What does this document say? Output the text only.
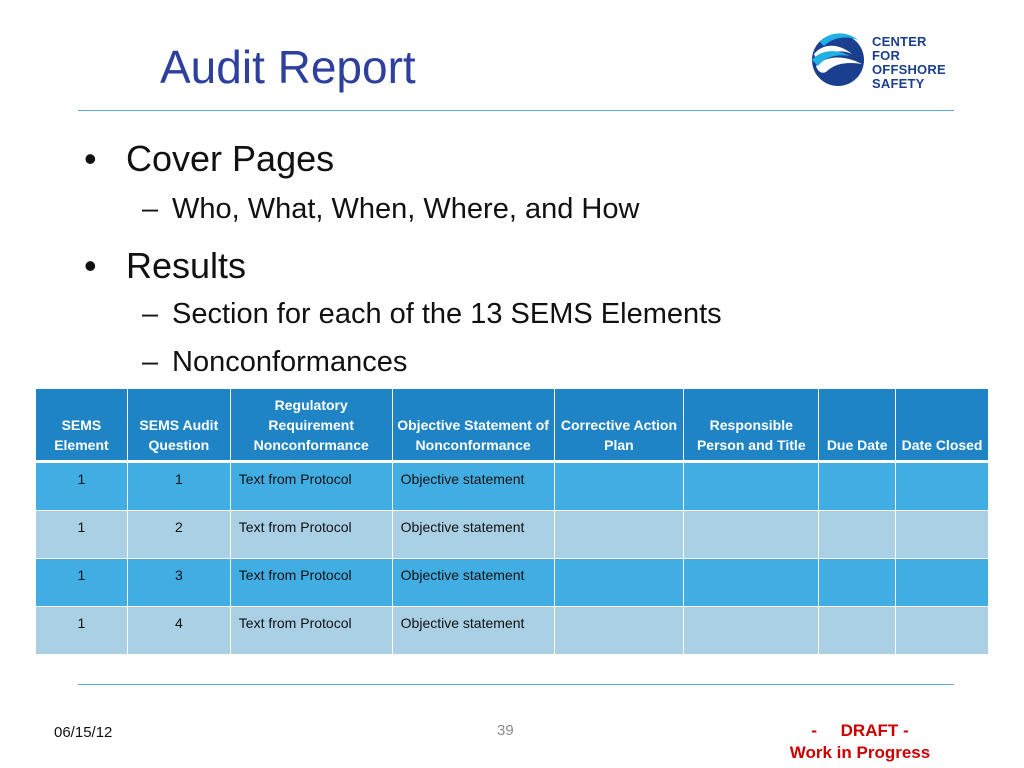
Audit Report	CENTER FOR OFFSHORE SAFETY
• Cover Pages
– Who, What, When, Where, and How
• Results
– Section for each of the 13 SEMS Elements
– Nonconformances
SEMS Element	SEMS Audit Question	Regulatory Requirement Nonconformance	Objective Statement of Nonconformance	Corrective Action Plan	Responsible Person and Title	Due Date	Date Closed
1	1	Text from Protocol	Objective statement				
1	2	Text from Protocol	Objective statement				
1	3	Text from Protocol	Objective statement				
1	4	Text from Protocol	Objective statement				
06/15/12	39	-     DRAFT -
Work in Progress
